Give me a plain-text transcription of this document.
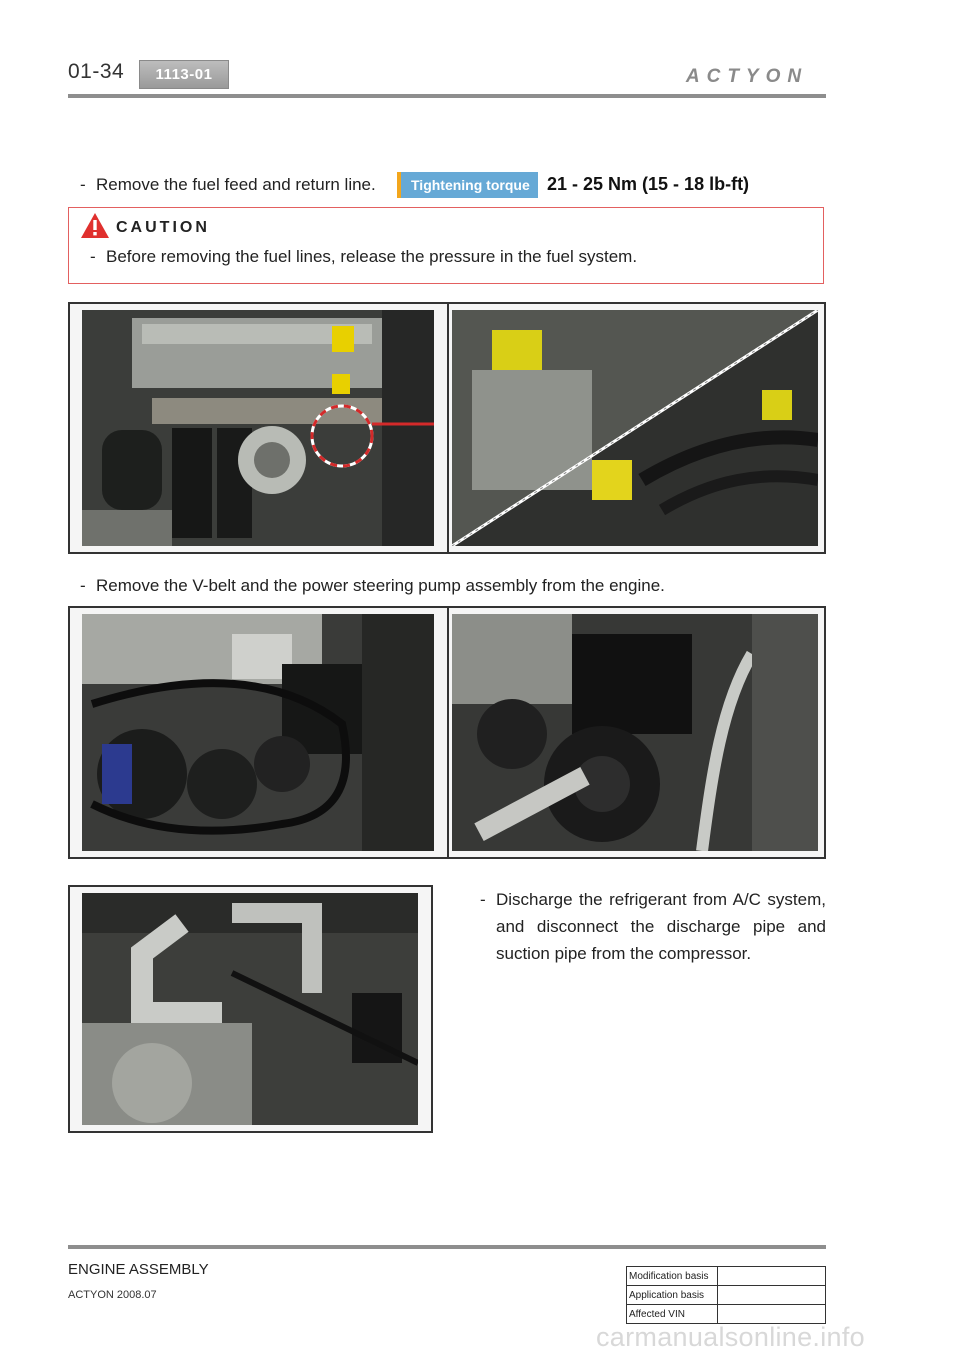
01-34	1113-01	ACTYON
- Remove the fuel feed and return line.	Tightening torque 21 - 25 Nm (15 - 18 lb-ft)
CAUTION
- Before removing the fuel lines, release the pressure in the fuel system.
- Remove the V-belt and the power steering pump assembly from the engine.
- Discharge the refrigerant from A/C system, and disconnect the discharge pipe and suction pipe from the compressor.
ENGINE ASSEMBLY
ACTYON 2008.07
Modification basis	
Application basis	
Affected VIN	
carmanualsonline.info
